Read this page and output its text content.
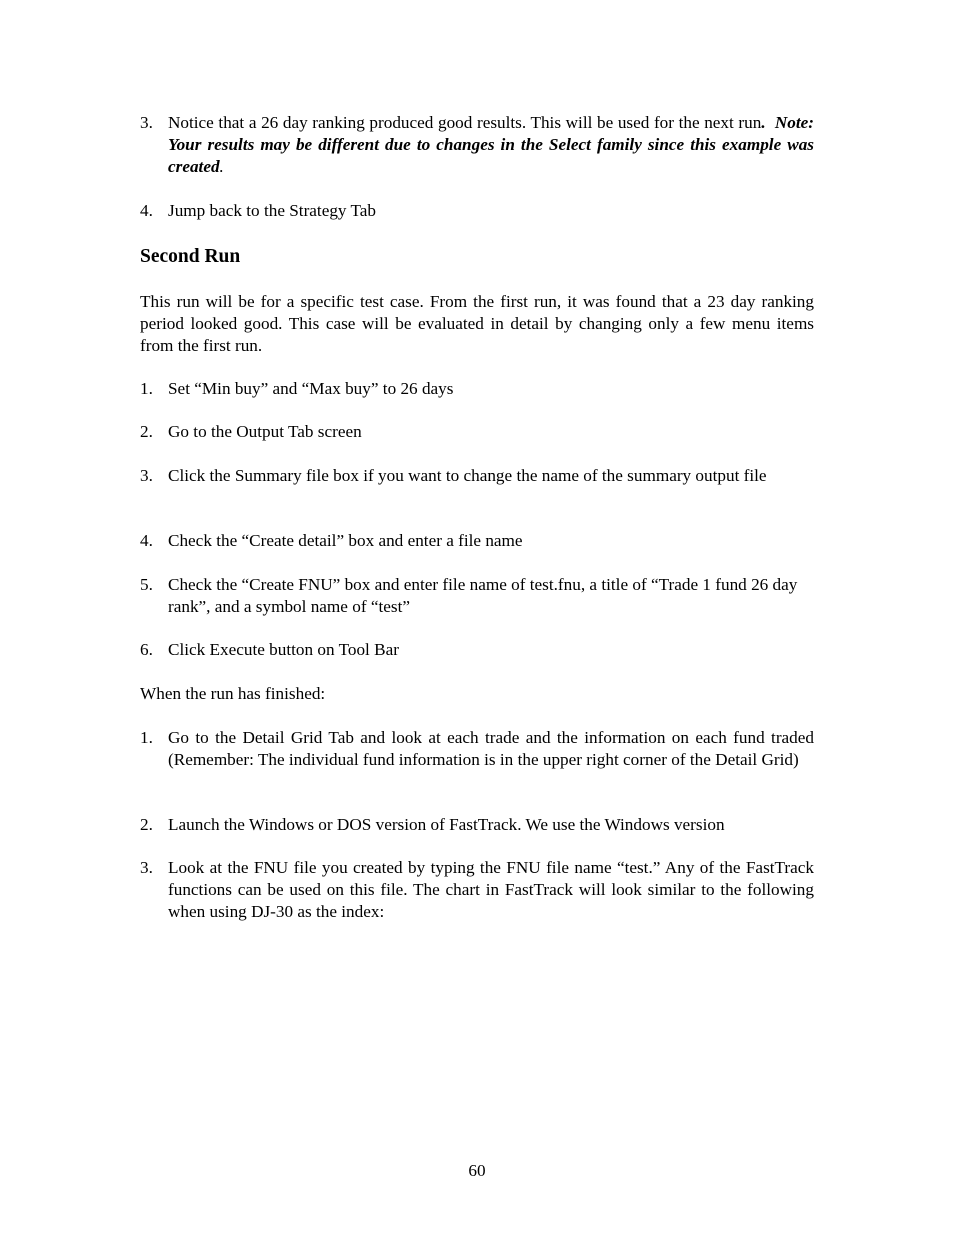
3. Notice that a 26 day ranking produced good results. This will be used for the next run. Note: Your results may be different due to changes in the Select family since this example was created.
4. Jump back to the Strategy Tab
Second Run
This run will be for a specific test case. From the first run, it was found that a 23 day ranking period looked good. This case will be evaluated in detail by changing only a few menu items from the first run.
1. Set “Min buy” and “Max buy” to 26 days
2. Go to the Output Tab screen
3. Click the Summary file box if you want to change the name of the summary output file
4. Check the “Create detail” box and enter a file name
5. Check the “Create FNU” box and enter file name of test.fnu, a title of “Trade 1 fund 26 day rank”, and a symbol name of “test”
6. Click Execute button on Tool Bar
When the run has finished:
1. Go to the Detail Grid Tab and look at each trade and the information on each fund traded (Remember: The individual fund information is in the upper right corner of the Detail Grid)
2. Launch the Windows or DOS version of FastTrack. We use the Windows version
3. Look at the FNU file you created by typing the FNU file name “test.” Any of the FastTrack functions can be used on this file. The chart in FastTrack will look similar to the following when using DJ-30 as the index:
60
